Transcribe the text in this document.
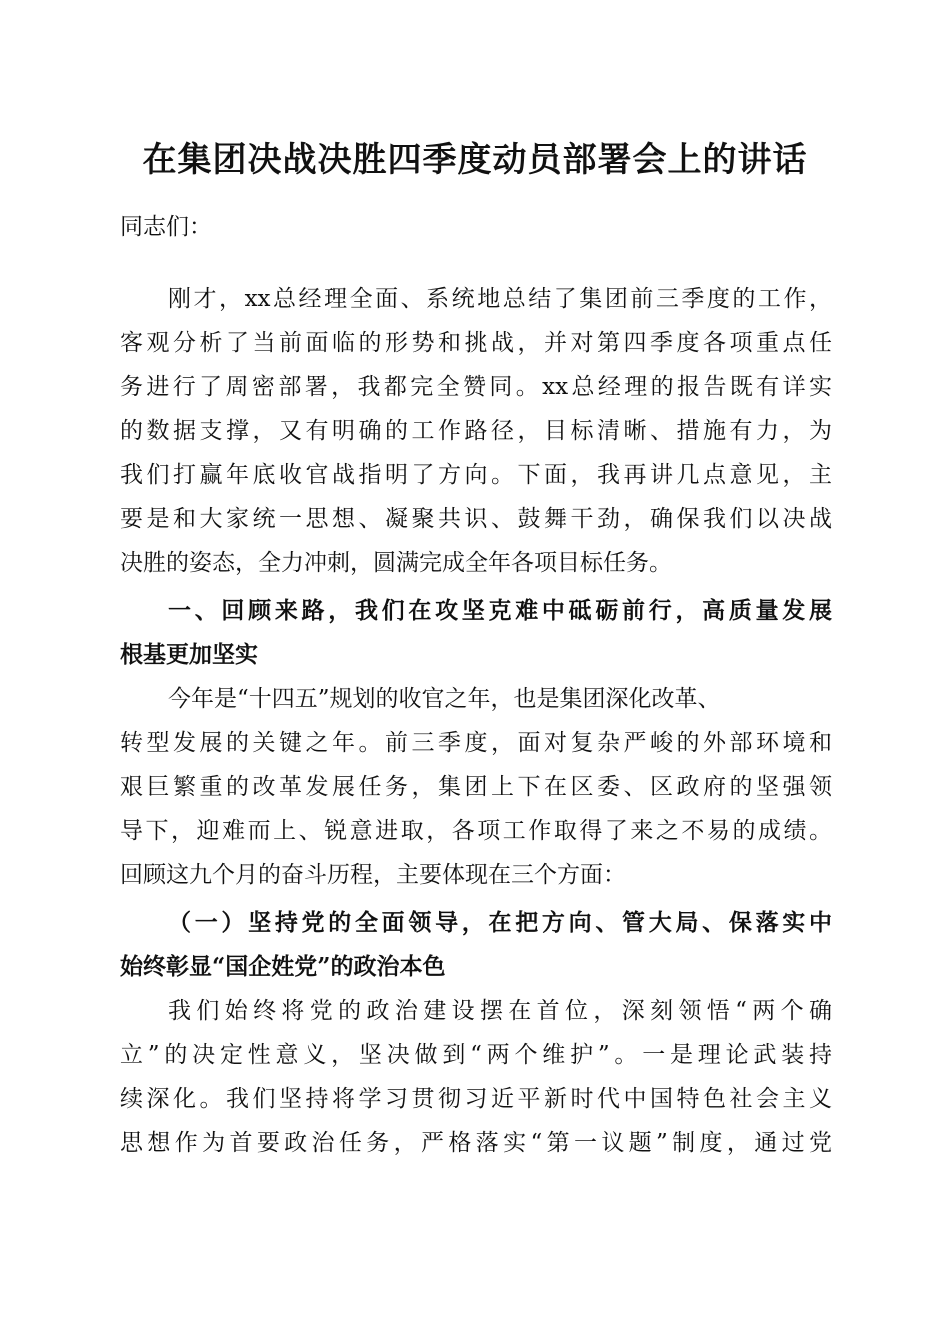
在集团决战决胜四季度动员部署会上的讲话

同志们：

刚才，xx总经理全面、系统地总结了集团前三季度的工作，

客观分析了当前面临的形势和挑战，并对第四季度各项重点任

务进行了周密部署，我都完全赞同。xx总经理的报告既有详实

的数据支撑，又有明确的工作路径，目标清晰、措施有力，为

我们打赢年底收官战指明了方向。下面，我再讲几点意见，主

要是和大家统一思想、凝聚共识、鼓舞干劲，确保我们以决战

决胜的姿态，全力冲刺，圆满完成全年各项目标任务。

一、回顾来路，我们在攻坚克难中砥砺前行，高质量发展

根基更加坚实

今年是“十四五”规划的收官之年，也是集团深化改革、

转型发展的关键之年。前三季度，面对复杂严峻的外部环境和

艰巨繁重的改革发展任务，集团上下在区委、区政府的坚强领

导下，迎难而上、锐意进取，各项工作取得了来之不易的成绩。

回顾这九个月的奋斗历程，主要体现在三个方面：

（一）坚持党的全面领导，在把方向、管大局、保落实中

始终彰显“国企姓党”的政治本色

我们始终将党的政治建设摆在首位，深刻领悟“两个确

立”的决定性意义，坚决做到“两个维护”。一是理论武装持

续深化。我们坚持将学习贯彻习近平新时代中国特色社会主义

思想作为首要政治任务，严格落实“第一议题”制度，通过党
